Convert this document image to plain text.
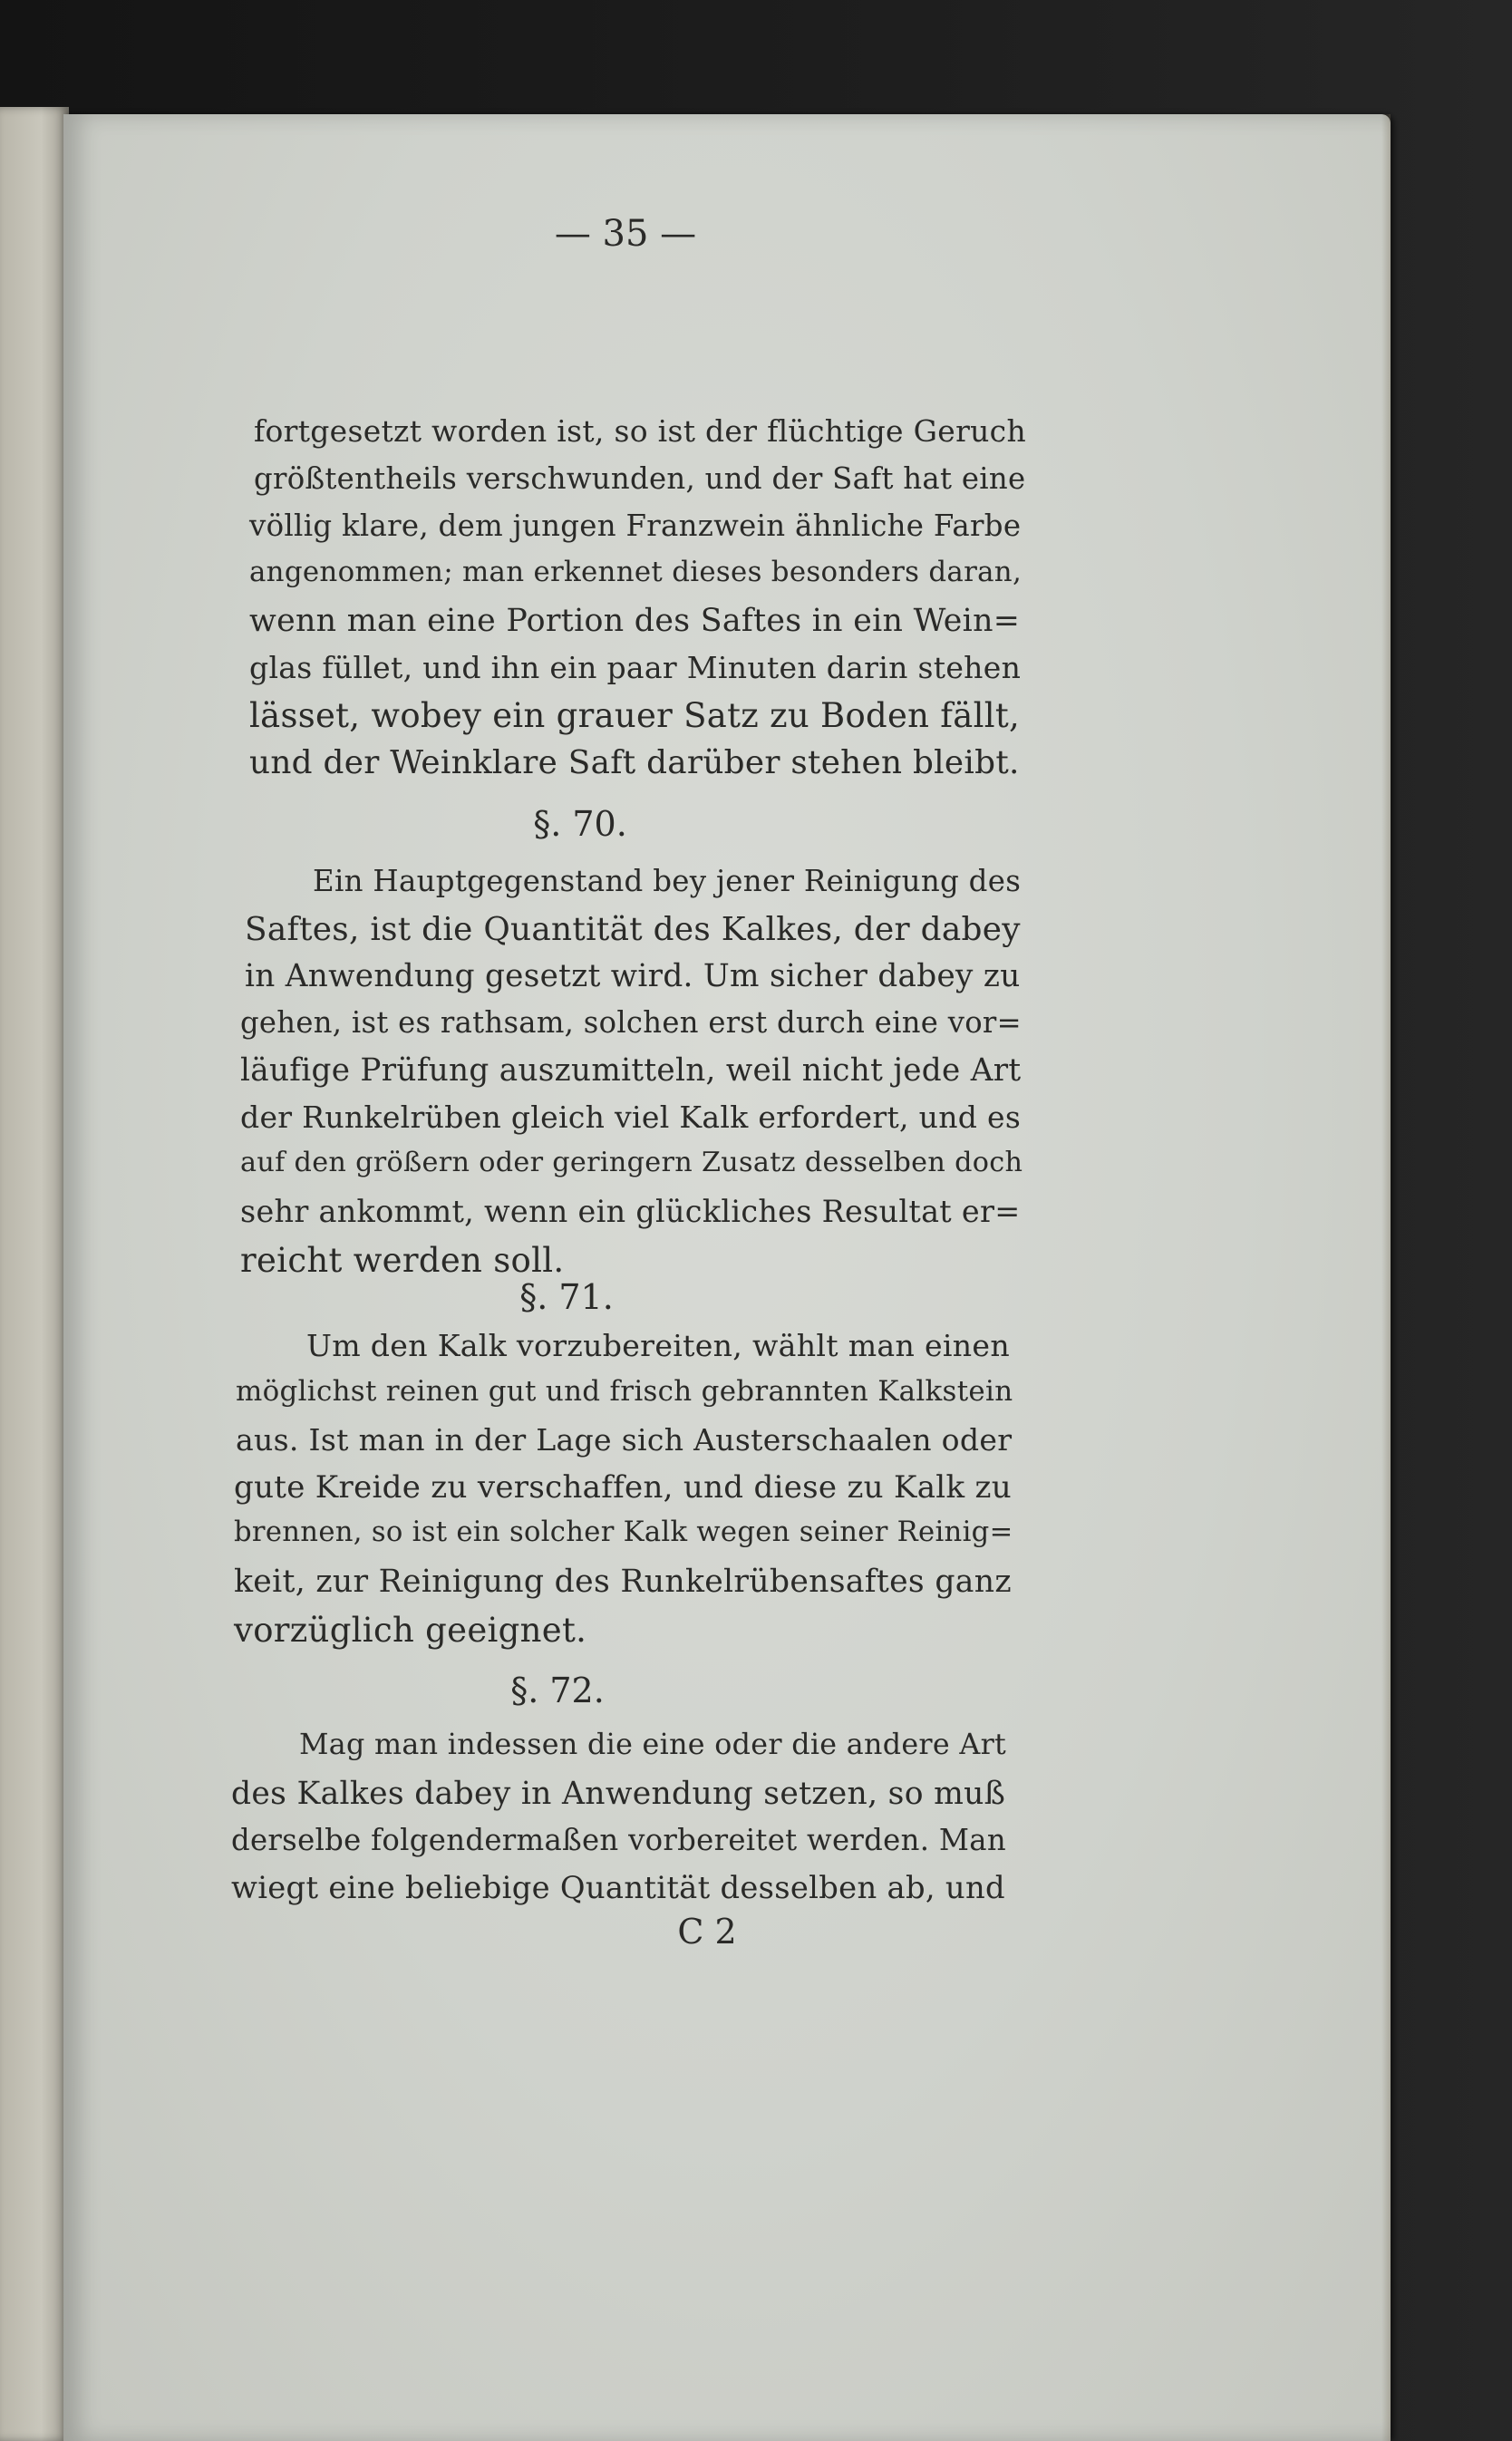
— 35 —
fortgesetzt worden ist, so ist der flüchtige Geruch
größtentheils verschwunden, und der Saft hat eine
völlig klare, dem jungen Franzwein ähnliche Farbe
angenommen; man erkennet dieses besonders daran,
wenn man eine Portion des Saftes in ein Wein=
glas füllet, und ihn ein paar Minuten darin stehen
lässet, wobey ein grauer Satz zu Boden fällt,
und der Weinklare Saft darüber stehen bleibt.
§. 70.
Ein Hauptgegenstand bey jener Reinigung des
Saftes, ist die Quantität des Kalkes, der dabey
in Anwendung gesetzt wird. Um sicher dabey zu
gehen, ist es rathsam, solchen erst durch eine vor=
läufige Prüfung auszumitteln, weil nicht jede Art
der Runkelrüben gleich viel Kalk erfordert, und es
auf den größern oder geringern Zusatz desselben doch
sehr ankommt, wenn ein glückliches Resultat er=
reicht werden soll.
§. 71.
Um den Kalk vorzubereiten, wählt man einen
möglichst reinen gut und frisch gebrannten Kalkstein
aus. Ist man in der Lage sich Austerschaalen oder
gute Kreide zu verschaffen, und diese zu Kalk zu
brennen, so ist ein solcher Kalk wegen seiner Reinig=
keit, zur Reinigung des Runkelrübensaftes ganz
vorzüglich geeignet.
§. 72.
Mag man indessen die eine oder die andere Art
des Kalkes dabey in Anwendung setzen, so muß
derselbe folgendermaßen vorbereitet werden. Man
wiegt eine beliebige Quantität desselben ab, und
C 2
